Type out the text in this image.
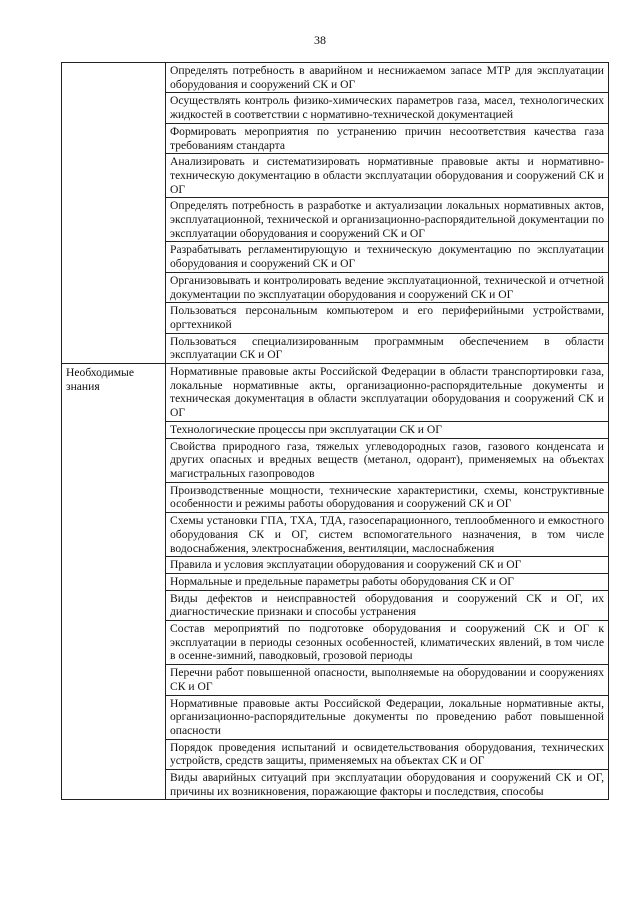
38
	Определять потребность в аварийном и неснижаемом запасе МТР для эксплуатации оборудования и сооружений СК и ОГ
	Осуществлять контроль физико-химических параметров газа, масел, технологических жидкостей в соответствии с нормативно-технической документацией
	Формировать мероприятия по устранению причин несоответствия качества газа требованиям стандарта
	Анализировать и систематизировать нормативные правовые акты и нормативно-техническую документацию в области эксплуатации оборудования и сооружений СК и ОГ
	Определять потребность в разработке и актуализации локальных нормативных актов, эксплуатационной, технической и организационно-распорядительной документации по эксплуатации оборудования и сооружений СК и ОГ
	Разрабатывать регламентирующую и техническую документацию по эксплуатации оборудования и сооружений СК и ОГ
	Организовывать и контролировать ведение эксплуатационной, технической и отчетной документации по эксплуатации оборудования и сооружений СК и ОГ
	Пользоваться персональным компьютером и его периферийными устройствами, оргтехникой
	Пользоваться специализированным программным обеспечением в области эксплуатации СК и ОГ
Необходимые знания	Нормативные правовые акты Российской Федерации в области транспортировки газа, локальные нормативные акты, организационно-распорядительные документы и техническая документация в области эксплуатации оборудования и сооружений СК и ОГ
	Технологические процессы при эксплуатации СК и ОГ
	Свойства природного газа, тяжелых углеводородных газов, газового конденсата и других опасных и вредных веществ (метанол, одорант), применяемых на объектах магистральных газопроводов
	Производственные мощности, технические характеристики, схемы, конструктивные особенности и режимы работы оборудования и сооружений СК и ОГ
	Схемы установки ГПА, ТХА, ТДА, газосепарационного, теплообменного и емкостного оборудования СК и ОГ, систем вспомогательного назначения, в том числе водоснабжения, электроснабжения, вентиляции, маслоснабжения
	Правила и условия эксплуатации оборудования и сооружений СК и ОГ
	Нормальные и предельные параметры работы оборудования СК и ОГ
	Виды дефектов и неисправностей оборудования и сооружений СК и ОГ, их диагностические признаки и способы устранения
	Состав мероприятий по подготовке оборудования и сооружений СК и ОГ к эксплуатации в периоды сезонных особенностей, климатических явлений, в том числе в осенне-зимний, паводковый, грозовой периоды
	Перечни работ повышенной опасности, выполняемые на оборудовании и сооружениях СК и ОГ
	Нормативные правовые акты Российской Федерации, локальные нормативные акты, организационно-распорядительные документы по проведению работ повышенной опасности
	Порядок проведения испытаний и освидетельствования оборудования, технических устройств, средств защиты, применяемых на объектах СК и ОГ
	Виды аварийных ситуаций при эксплуатации оборудования и сооружений СК и ОГ, причины их возникновения, поражающие факторы и последствия, способы
